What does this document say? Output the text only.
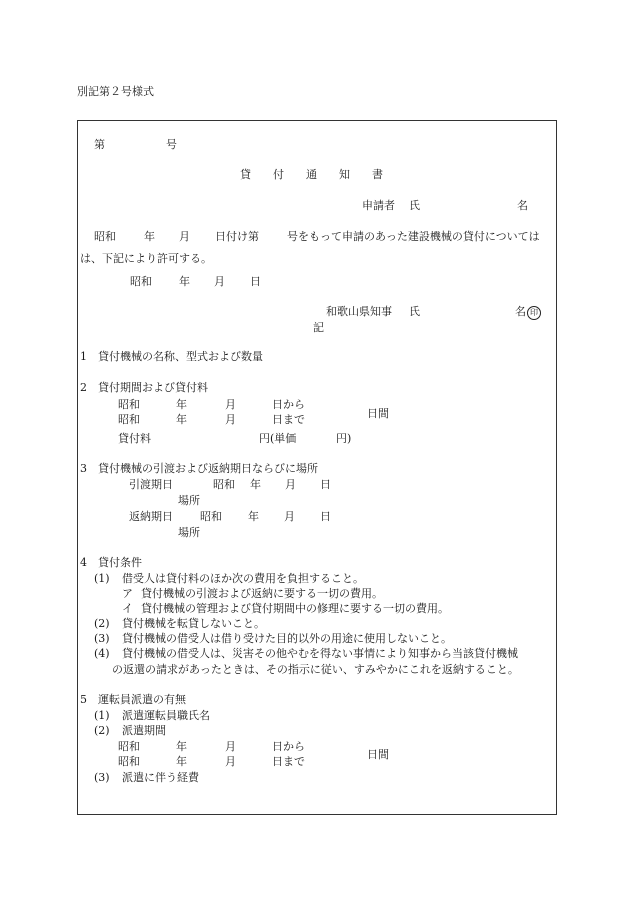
別記第２号様式
第	号
貸　　付　　通　　知　　書
申請者 氏	名
昭和	年 月 日付け第	号をもって申請のあった建設機械の貸付については
は、下記により許可する。
昭和 年 月 日
和歌山県知事 氏	名 印
記
1 貸付機械の名称、型式および数量
2 貸付期間および貸付料
昭和	年	月	日から
昭和	年	月	日まで	日間
貸付料	円(単価	円)
3 貸付機械の引渡および返納期日ならびに場所
引渡期日	昭和 年 月 日
場所
返納期日 昭和 年 月 日
場所
4 貸付条件
(1) 借受人は貸付料のほか次の費用を負担すること。
ア 貸付機械の引渡および返納に要する一切の費用。
イ 貸付機械の管理および貸付期間中の修理に要する一切の費用。
(2) 貸付機械を転貸しないこと。
(3) 貸付機械の借受人は借り受けた目的以外の用途に使用しないこと。
(4) 貸付機械の借受人は、災害その他やむを得ない事情により知事から当該貸付機械
の返還の請求があったときは、その指示に従い、すみやかにこれを返納すること。
5 運転員派遣の有無
(1) 派遣運転員職氏名
(2) 派遣期間
昭和	年	月	日から
昭和	年	月	日まで
日間
(3) 派遣に伴う経費
